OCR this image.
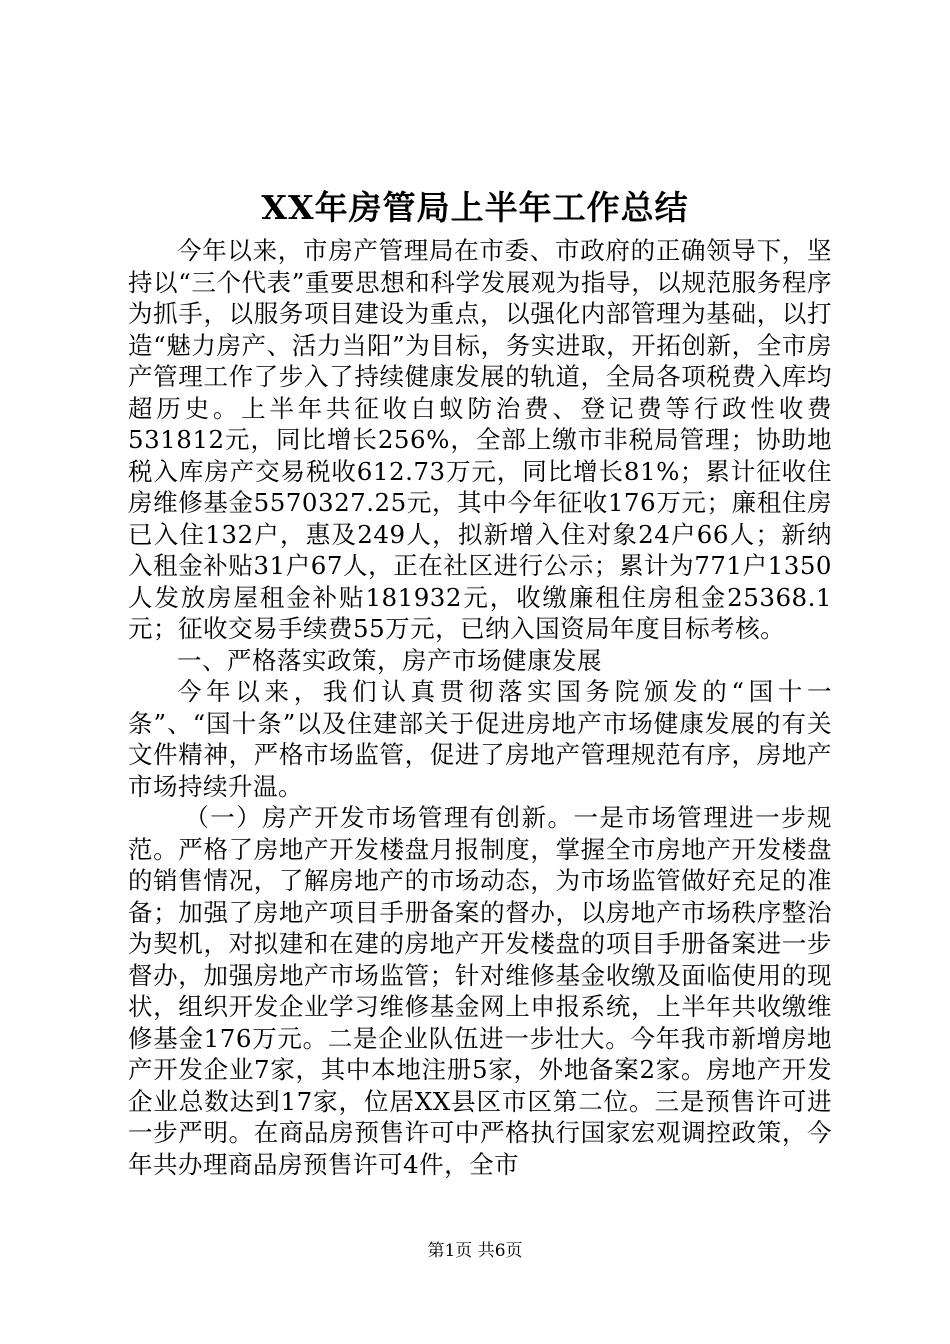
XX年房管局上半年工作总结

今年以来，市房产管理局在市委、市政府的正确领导下，坚持以“三个代表”重要思想和科学发展观为指导，以规范服务程序为抓手，以服务项目建设为重点，以强化内部管理为基础，以打造“魅力房产、活力当阳”为目标，务实进取，开拓创新，全市房产管理工作了步入了持续健康发展的轨道，全局各项税费入库均超历史。上半年共征收白蚁防治费、登记费等行政性收费531812元，同比增长256%，全部上缴市非税局管理；协助地税入库房产交易税收612.73万元，同比增长81%；累计征收住房维修基金5570327.25元，其中今年征收176万元；廉租住房已入住132户，惠及249人，拟新增入住对象24户66人；新纳入租金补贴31户67人，正在社区进行公示；累计为771户1350人发放房屋租金补贴181932元，收缴廉租住房租金25368.1元；征收交易手续费55万元，已纳入国资局年度目标考核。

一、严格落实政策，房产市场健康发展

今年以来，我们认真贯彻落实国务院颁发的“国十一条”、“国十条”以及住建部关于促进房地产市场健康发展的有关文件精神，严格市场监管，促进了房地产管理规范有序，房地产市场持续升温。

（一）房产开发市场管理有创新。一是市场管理进一步规范。严格了房地产开发楼盘月报制度，掌握全市房地产开发楼盘的销售情况，了解房地产的市场动态，为市场监管做好充足的准备；加强了房地产项目手册备案的督办，以房地产市场秩序整治为契机，对拟建和在建的房地产开发楼盘的项目手册备案进一步督办，加强房地产市场监管；针对维修基金收缴及面临使用的现状，组织开发企业学习维修基金网上申报系统，上半年共收缴维修基金176万元。二是企业队伍进一步壮大。今年我市新增房地产开发企业7家，其中本地注册5家，外地备案2家。房地产开发企业总数达到17家，位居XX县区市区第二位。三是预售许可进一步严明。在商品房预售许可中严格执行国家宏观调控政策，今年共办理商品房预售许可4件，全市

第1页 共6页
